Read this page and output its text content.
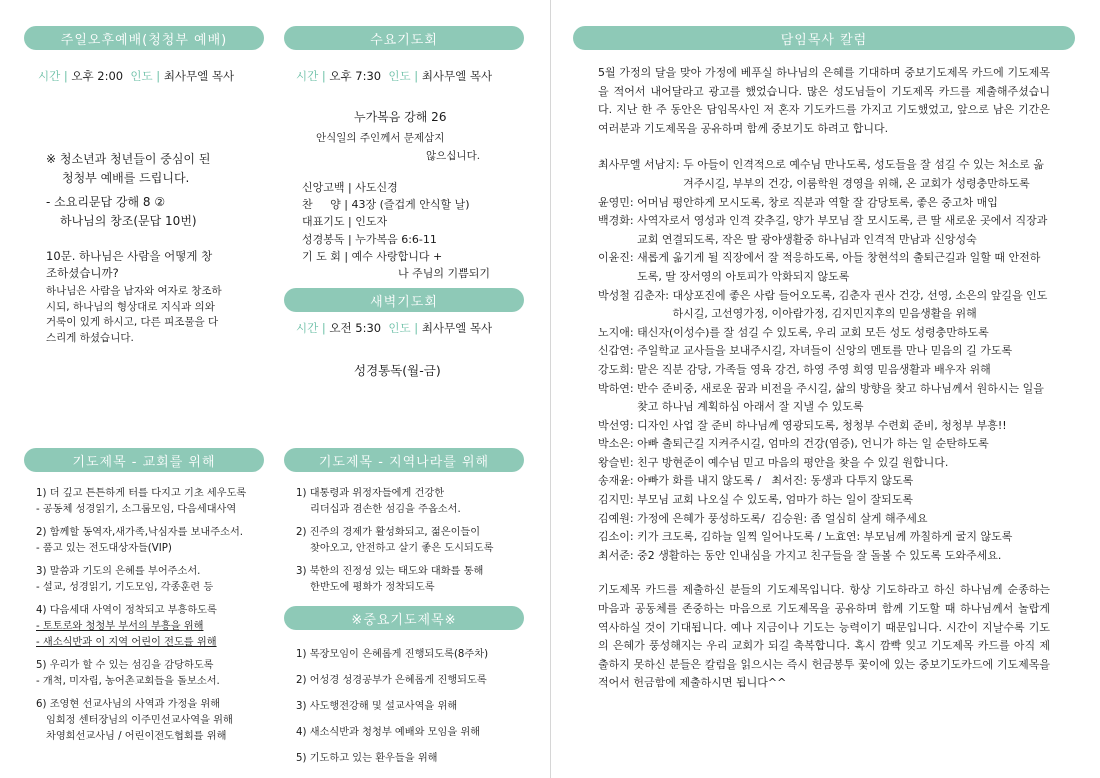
주일오후예배(청청부 예배)
시간 | 오후 2:00 인도 | 최사무엘 목사
※ 청소년과 청년들이 중심이 된
청청부 예배를 드립니다.
- 소요리문답 강해 8 ②
하나님의 창조(문답 10번)
10문. 하나님은 사람을 어떻게 창
조하셨습니까?
하나님은 사람을 남자와 여자로 창조하
시되, 하나님의 형상대로 지식과 의와
거룩이 있게 하시고, 다른 피조물을 다
스리게 하셨습니다.
수요기도회
시간 | 오후 7:30 인도 | 최사무엘 목사
누가복음 강해 26
안식일의 주인께서 문제삼지
않으십니다.
신앙고백 | 사도신경
찬     양 | 43장 (즐겁게 안식할 날)
대표기도 | 인도자
성경봉독 | 누가복음 6:6-11
기 도 회 | 예수 사랑합니다 +
나 주님의 기쁨되기
새벽기도회
시간 | 오전 5:30 인도 | 최사무엘 목사
성경통독(월-금)
기도제목 - 교회를 위해

1) 더 깊고 튼튼하게 터를 다지고 기초 세우도록

- 공동체 성경읽기, 소그룹모임, 다음세대사역

2) 함께할 동역자,새가족,낙심자를 보내주소서.

- 품고 있는 전도대상자들(VIP)

3) 말씀과 기도의 은혜를 부어주소서.

- 설교, 성경읽기, 기도모임, 각종훈련 등

4) 다음세대 사역이 정착되고 부흥하도록

- 토토로와 청청부 부서의 부흥을 위해

- 새소식반과 이 지역 어린이 전도를 위해

5) 우리가 할 수 있는 섬김을 감당하도록

- 개척, 미자립, 농어촌교회들을 돌보소서.

6) 조영현 선교사님의 사역과 가정을 위해

임희정 센터장님의 이주민선교사역을 위해

차영희선교사님 / 어린이전도협회를 위해

기도제목 - 지역나라를 위해

1) 대통령과 위정자들에게 건강한

리더십과 겸손한 섬김을 주옵소서.

2) 진주의 경제가 활성화되고, 젊은이들이

찾아오고, 안전하고 살기 좋은 도시되도록

3) 북한의 진정성 있는 태도와 대화를 통해

한반도에 평화가 정착되도록

※중요기도제목※
1) 목장모임이 은혜롭게 진행되도록(8주차)
2) 어성경 성경공부가 은혜롭게 진행되도록
3) 사도행전강해 및 설교사역을 위해
4) 새소식반과 청청부 예배와 모임을 위해
5) 기도하고 있는 환우들을 위해
담임목사 칼럼
5월 가정의 달을 맞아 가정에 베푸실 하나님의 은혜를 기대하며 중보기도제목 카드에 기도제목을 적어서 내어달라고 광고를 했었습니다. 많은 성도님들이 기도제목 카드를 제출해주셨습니다. 지난 한 주 동안은 담임목사인 저 혼자 기도카드를 가지고 기도했었고, 앞으로 남은 기간은 여러분과 기도제목을 공유하며 함께 중보기도 하려고 합니다.
최사무엘 서남지:
두 아들이 인격적으로 예수님 만나도록, 성도들을 잘 섬길 수 있는 처소로 옮겨주시길, 부부의 건강, 이룸학원 경영을 위해, 온 교회가 성령충만하도록
윤영민:
어머님 평안하게 모시도록, 창로 직분과 역할 잘 감당토록, 좋은 중고차 매입
백경화:
사역자로서 영성과 인격 갖추길, 양가 부모님 잘 모시도록, 큰 딸 새로운 곳에서 직장과 교회 연결되도록, 작은 딸 광야생활중 하나님과 인격적 만남과 신앙성숙
이윤진:
새롭게 옮기게 될 직장에서 잘 적응하도록, 아들 창현석의 출퇴근길과 일할 때 안전하도록, 딸 장서영의 아토피가 악화되지 않도록
박성철 김춘자:
대상포진에 좋은 사람 들어오도록, 김춘자 권사 건강, 선영, 소은의 앞길을 인도하시길, 고선영가정, 이아람가정, 김지민지후의 믿음생활을 위해
노지애:
태신자(이성수)를 잘 섬길 수 있도록, 우리 교회 모든 성도 성령충만하도록
신갑연:
주일학교 교사들을 보내주시길, 자녀들이 신앙의 멘토를 만나 믿음의 길 가도록
강도희:
맡은 직분 감당, 가족들 영육 강건, 하영 주영 희영 믿음생활과 배우자 위해
박하연:
반수 준비중, 새로운 꿈과 비전을 주시길, 삶의 방향을 찾고 하나님께서 원하시는 일을 찾고 하나님 계획하심 아래서 잘 지낼 수 있도록
박선영:
디자인 사업 잘 준비 하나님께 영광되도록, 청청부 수련회 준비, 청청부 부흥!!
박소은:
아빠 출퇴근길 지켜주시길, 엄마의 건강(염증), 언니가 하는 일 순탄하도록
왕슬빈:
친구 방현준이 예수님 믿고 마음의 평안을 찾을 수 있길 원합니다.
송재윤:
아빠가 화를 내지 않도록 /   최서진: 동생과 다투지 않도록
김지민:
부모님 교회 나오실 수 있도록, 엄마가 하는 일이 잘되도록
김예원:
가정에 은혜가 풍성하도록/  김승원: 좀 얼심히 살게 해주세요
김소이:
키가 크도록, 김하늘 일찍 일어나도록 / 노효연: 부모님께 까칠하게 굴지 않도록
최서준:
중2 생활하는 동안 인내심을 가지고 친구들을 잘 돌볼 수 있도록 도와주세요.
기도제목 카드를 제출하신 분들의 기도제목입니다. 항상 기도하라고 하신 하나님께 순종하는 마음과 공동체를 존중하는 마음으로 기도제목을 공유하며 함께 기도할 때 하나님께서 놀랍게 역사하실 것이 기대됩니다. 예나 지금이나 기도는 능력이기 때문입니다. 시간이 지날수록 기도의 은혜가 풍성해지는 우리 교회가 되길 축복합니다. 혹시 깜빡 잊고 기도제목 카드를 아직 제출하지 못하신 분들은 칼럼을 읽으시는 즉시 헌금봉투 꽃이에 있는 중보기도카드에 기도제목을 적어서 헌금함에 제출하시면 됩니다^^
